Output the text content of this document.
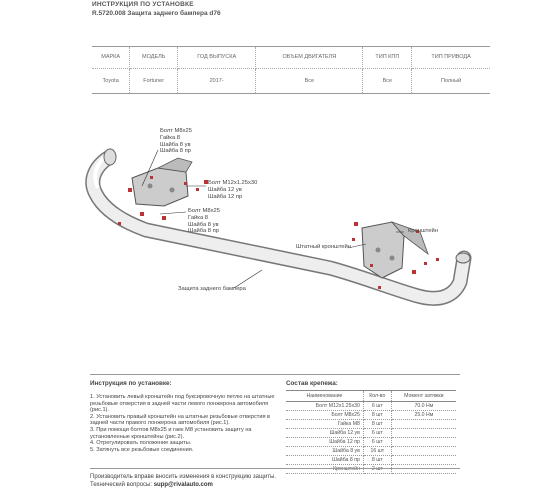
ИНСТРУКЦИЯ ПО УСТАНОВКЕ
R.5720.008 Защита заднего бампера d76
МАРКА	МОДЕЛЬ	ГОД ВЫПУСКА	ОБЪЕМ ДВИГАТЕЛЯ	ТИП КПП	ТИП ПРИВОДА
Toyota	Fortuner	2017-	Все	Все	Полный
Болт М8х25
Гайка 8
Шайба 8 ув
Шайба 8 пр
Болт М12х1.25х30
Шайба 12 ув
Шайба 12 пр
Болт М8х25
Гайка 8
Шайба 8 ув
Шайба 8 пр	Кронштейн
Штатный кронштейн
Защита заднего бампера
Инструкция по установке:

1. Установить левый кронштейн под буксировочную петлю на штатные резьбовые отверстия в задней части левого лонжерона автомобиля (рис.1).

2. Установить правый кронштейн на штатные резьбовые отверстия в задней части правого лонжерона автомобиля (рис.1).

3. При помощи болтов М8х25 и гаек М8 установить защиту на установленные кронштейны (рис.2).

4. Отрегулировать положение защиты.

5. Затянуть все резьбовые соединения.

Состав крепежа:
Наименование	Кол-во	Момент затяжки
Болт М12х1.25х30	6 шт	70.0 Нм
Болт М8х25	8 шт	25.0 Нм
Гайка М8	8 шт	
Шайба 12 ув	6 шт	
Шайба 12 пр	6 шт	
Шайба 8 ув	16 шт	
Шайба 8 пр	8 шт	
Кронштейн	2 шт	
Производитель вправе вносить изменения в конструкцию защиты.
Технический вопросы: supp@rivalauto.com
